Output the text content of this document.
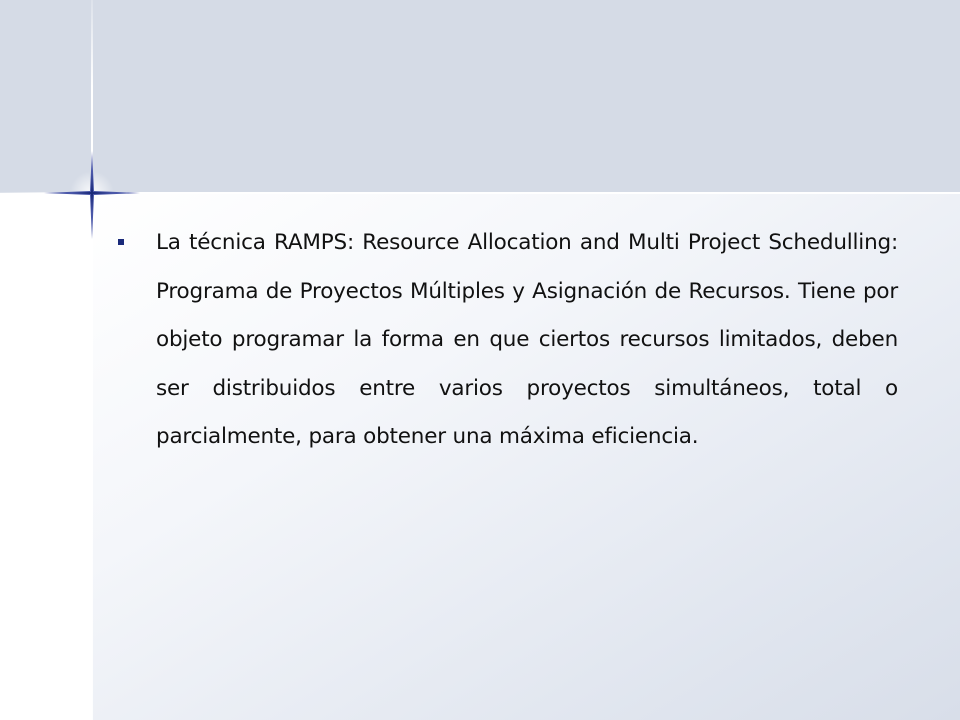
La técnica RAMPS: Resource Allocation and Multi Project Schedulling: Programa de Proyectos Múltiples y Asignación de Recursos. Tiene por objeto programar la forma en que ciertos recursos limitados, deben ser distribuidos entre varios proyectos simultáneos, total o parcialmente, para obtener una máxima eficiencia.
